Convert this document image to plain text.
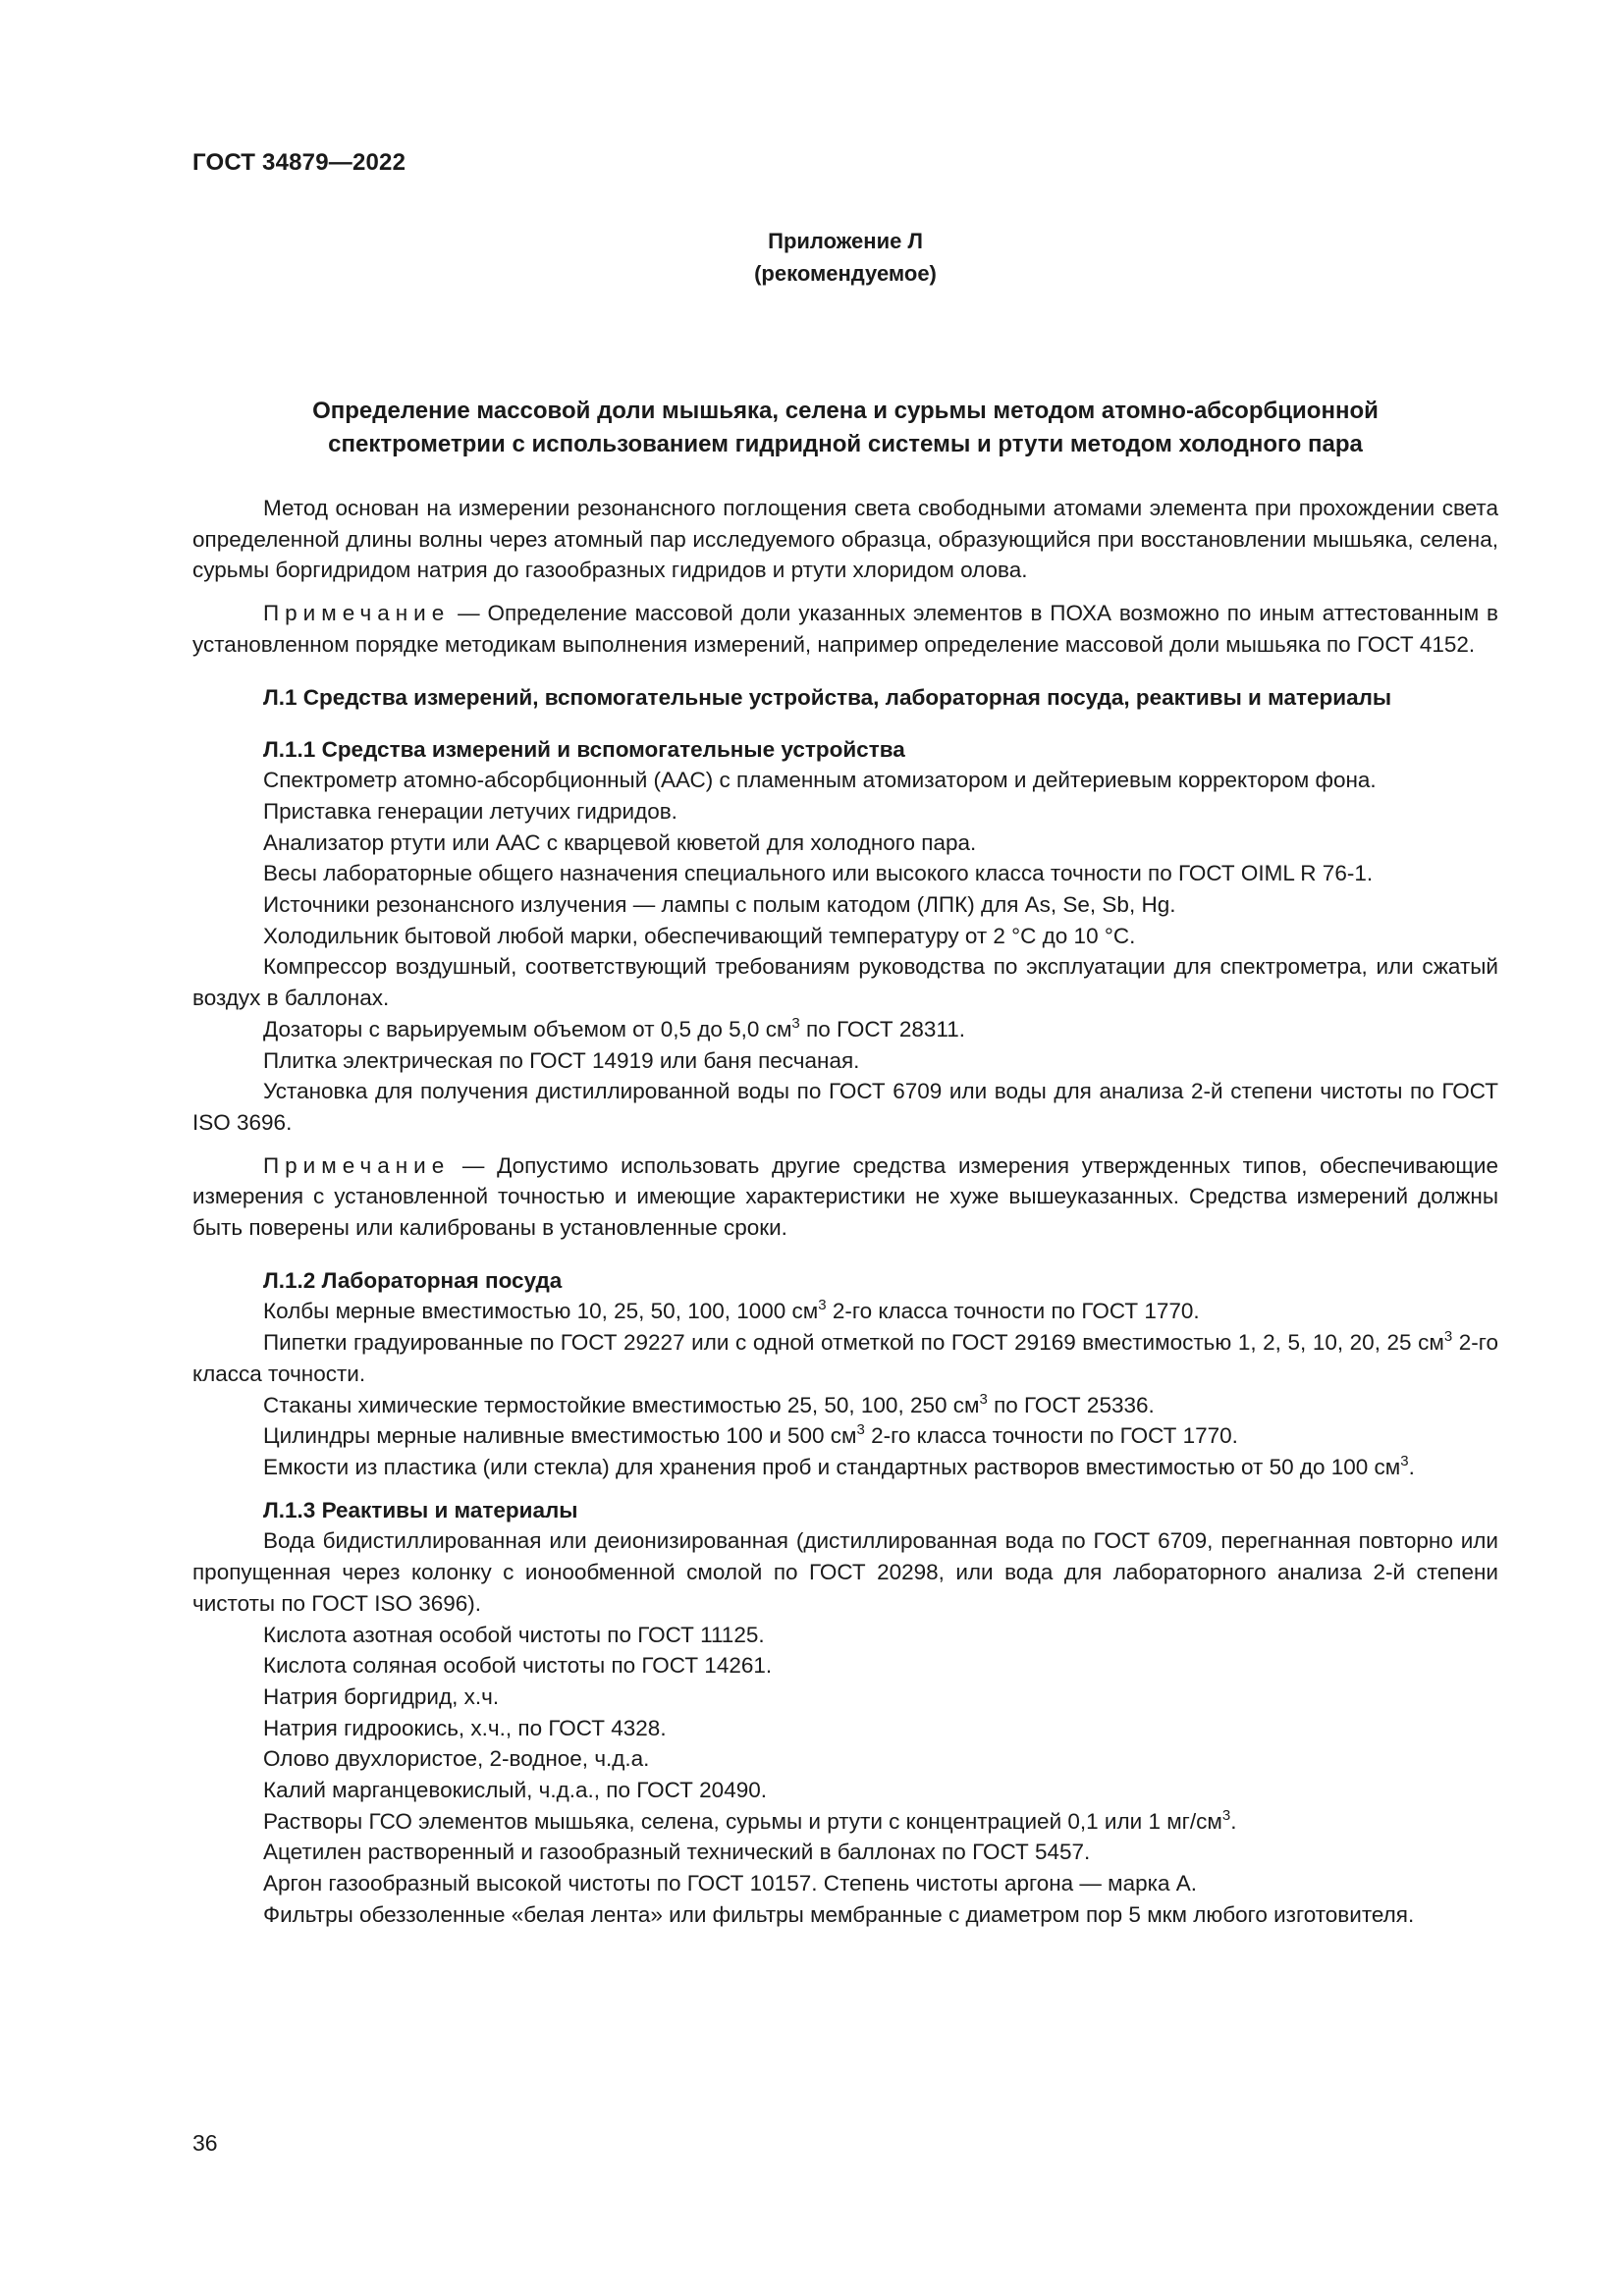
ГОСТ 34879—2022
Приложение Л
(рекомендуемое)
Определение массовой доли мышьяка, селена и сурьмы методом атомно-абсорбционной
спектрометрии с использованием гидридной системы и ртути методом холодного пара

Метод основан на измерении резонансного поглощения света свободными атомами элемента при прохождении света определенной длины волны через атомный пар исследуемого образца, образующийся при восстановлении мышьяка, селена, сурьмы боргидридом натрия до газообразных гидридов и ртути хлоридом олова.

Примечание — Определение массовой доли указанных элементов в ПОХА возможно по иным аттестованным в установленном порядке методикам выполнения измерений, например определение массовой доли мышьяка по ГОСТ 4152.

Л.1 Средства измерений, вспомогательные устройства, лабораторная посуда, реактивы и материалы
Л.1.1 Средства измерений и вспомогательные устройства

Спектрометр атомно-абсорбционный (ААС) с пламенным атомизатором и дейтериевым корректором фона.

Приставка генерации летучих гидридов.

Анализатор ртути или ААС с кварцевой кюветой для холодного пара.

Весы лабораторные общего назначения специального или высокого класса точности по ГОСТ OIML R 76-1.

Источники резонансного излучения — лампы с полым катодом (ЛПК) для As, Se, Sb, Hg.

Холодильник бытовой любой марки, обеспечивающий температуру от 2 °С до 10 °С.

Компрессор воздушный, соответствующий требованиям руководства по эксплуатации для спектрометра, или сжатый воздух в баллонах.

Дозаторы с варьируемым объемом от 0,5 до 5,0 $см^3$ по ГОСТ 28311.

Плитка электрическая по ГОСТ 14919 или баня песчаная.

Установка для получения дистиллированной воды по ГОСТ 6709 или воды для анализа 2-й степени чистоты по ГОСТ ISO 3696.

Примечание — Допустимо использовать другие средства измерения утвержденных типов, обеспечивающие измерения с установленной точностью и имеющие характеристики не хуже вышеуказанных. Средства измерений должны быть поверены или калиброваны в установленные сроки.

Л.1.2 Лабораторная посуда

Колбы мерные вместимостью 10, 25, 50, 100, 1000 $см^3$ 2-го класса точности по ГОСТ 1770.

Пипетки градуированные по ГОСТ 29227 или с одной отметкой по ГОСТ 29169 вместимостью 1, 2, 5, 10, 20, 25 $см^3$ 2-го класса точности.

Стаканы химические термостойкие вместимостью 25, 50, 100, 250 $см^3$ по ГОСТ 25336.

Цилиндры мерные наливные вместимостью 100 и 500 $см^3$ 2-го класса точности по ГОСТ 1770.

Емкости из пластика (или стекла) для хранения проб и стандартных растворов вместимостью от 50 до 100 $см^3$.

Л.1.3 Реактивы и материалы

Вода бидистиллированная или деионизированная (дистиллированная вода по ГОСТ 6709, перегнанная повторно или пропущенная через колонку с ионообменной смолой по ГОСТ 20298, или вода для лабораторного анализа 2-й степени чистоты по ГОСТ ISO 3696).

Кислота азотная особой чистоты по ГОСТ 11125.

Кислота соляная особой чистоты по ГОСТ 14261.

Натрия боргидрид, х.ч.

Натрия гидроокись, х.ч., по ГОСТ 4328.

Олово двухлористое, 2-водное, ч.д.а.

Калий марганцевокислый, ч.д.а., по ГОСТ 20490.

Растворы ГСО элементов мышьяка, селена, сурьмы и ртути с концентрацией 0,1 или 1 $мг/см^3$.

Ацетилен растворенный и газообразный технический в баллонах по ГОСТ 5457.

Аргон газообразный высокой чистоты по ГОСТ 10157. Степень чистоты аргона — марка А.

Фильтры обеззоленные «белая лента» или фильтры мембранные с диаметром пор 5 мкм любого изготовителя.

36
